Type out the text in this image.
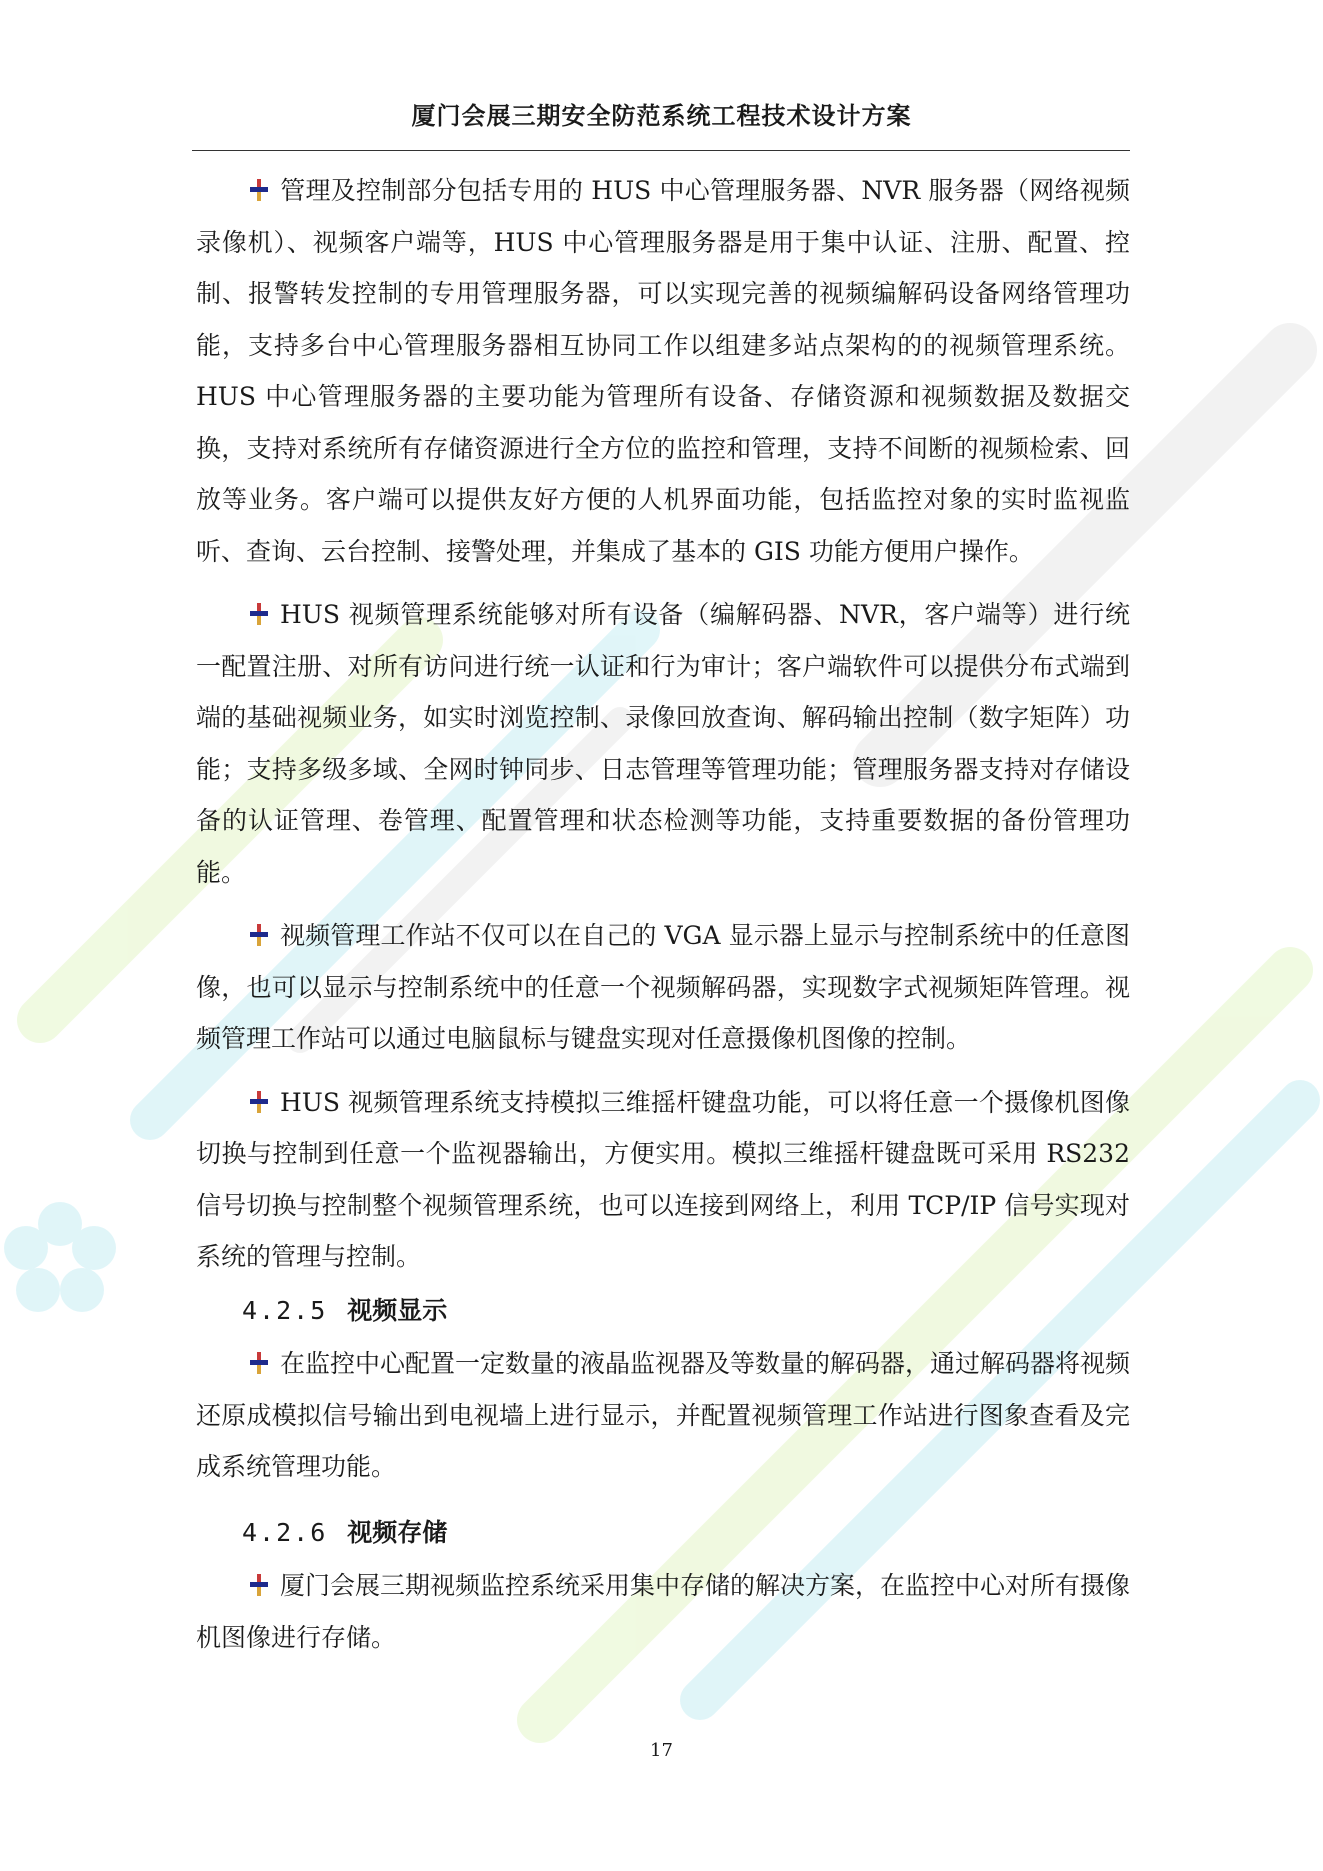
厦门会展三期安全防范系统工程技术设计方案

管理及控制部分包括专用的 HUS 中心管理服务器、NVR 服务器（网络视频录像机）、视频客户端等，HUS 中心管理服务器是用于集中认证、注册、配置、控制、报警转发控制的专用管理服务器，可以实现完善的视频编解码设备网络管理功能，支持多台中心管理服务器相互协同工作以组建多站点架构的的视频管理系统。HUS 中心管理服务器的主要功能为管理所有设备、存储资源和视频数据及数据交换，支持对系统所有存储资源进行全方位的监控和管理，支持不间断的视频检索、回放等业务。客户端可以提供友好方便的人机界面功能，包括监控对象的实时监视监听、查询、云台控制、接警处理，并集成了基本的 GIS 功能方便用户操作。

HUS 视频管理系统能够对所有设备（编解码器、NVR，客户端等）进行统一配置注册、对所有访问进行统一认证和行为审计；客户端软件可以提供分布式端到端的基础视频业务，如实时浏览控制、录像回放查询、解码输出控制（数字矩阵）功能；支持多级多域、全网时钟同步、日志管理等管理功能；管理服务器支持对存储设备的认证管理、卷管理、配置管理和状态检测等功能，支持重要数据的备份管理功能。

视频管理工作站不仅可以在自己的 VGA 显示器上显示与控制系统中的任意图像，也可以显示与控制系统中的任意一个视频解码器，实现数字式视频矩阵管理。视频管理工作站可以通过电脑鼠标与键盘实现对任意摄像机图像的控制。

HUS 视频管理系统支持模拟三维摇杆键盘功能，可以将任意一个摄像机图像切换与控制到任意一个监视器输出，方便实用。模拟三维摇杆键盘既可采用 RS232 信号切换与控制整个视频管理系统，也可以连接到网络上，利用 TCP/IP 信号实现对系统的管理与控制。

4.2.5 视频显示

在监控中心配置一定数量的液晶监视器及等数量的解码器，通过解码器将视频还原成模拟信号输出到电视墙上进行显示，并配置视频管理工作站进行图象查看及完成系统管理功能。

4.2.6 视频存储

厦门会展三期视频监控系统采用集中存储的解决方案，在监控中心对所有摄像机图像进行存储。

17
